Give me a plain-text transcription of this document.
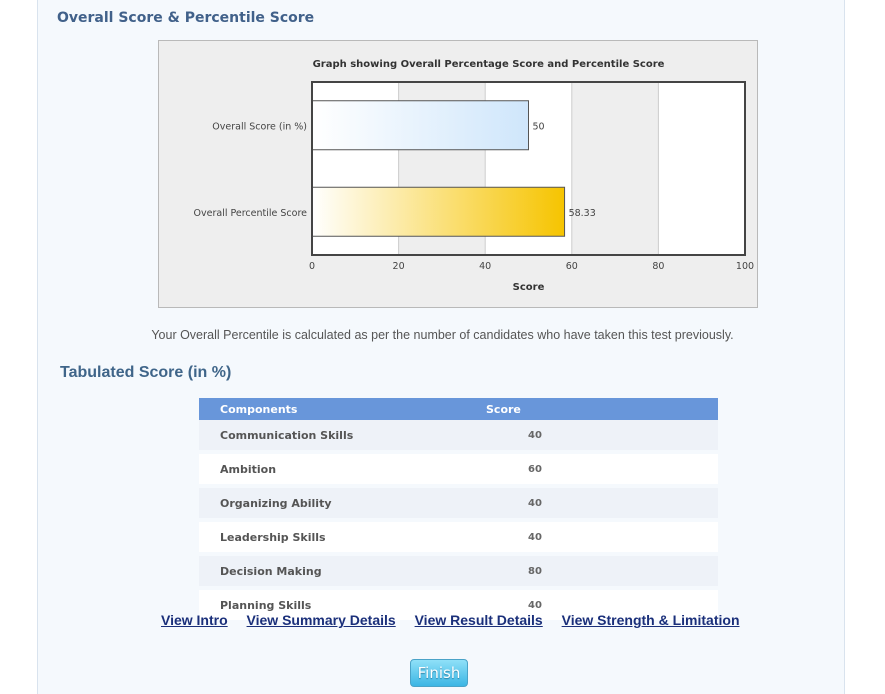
Overall Score & Percentile Score
Graph showing Overall Percentage Score and Percentile Score
50
Overall Score (in %)
58.33
Overall Percentile Score
0	20	40	60	80	100
Score
Your Overall Percentile is calculated as per the number of candidates who have taken this test previously.
Tabulated Score (in %)
Components	Score
Communication Skills	40
Ambition	60
Organizing Ability	40
Leadership Skills	40
Decision Making	80
Planning Skills	40
View Intro View Summary Details View Result Details View Strength & Limitation
Finish
